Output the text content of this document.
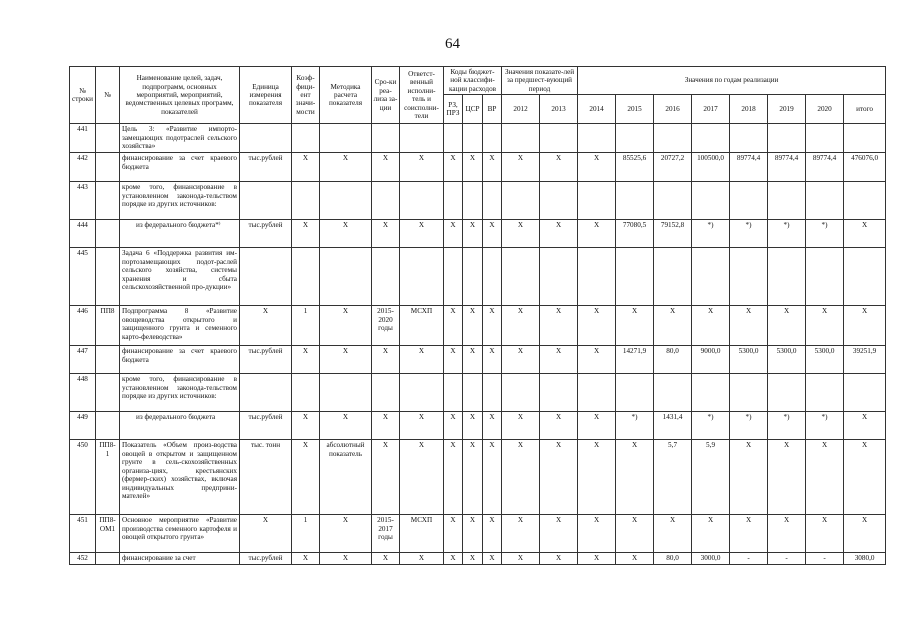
64
№ строки	№	Наименование целей, задач, подпрограмм, основных мероприятий, мероприятий, ведомственных целевых программ, показателей	Единица измерения показателя	Коэф-фици-ент значи-мости	Методика расчета показателя	Сро-ки реа-лиза за-ции	Ответст-венный исполни-тель и соисполни-тели	Коды бюджет-ной классифи-кации расходов			Значения показате-лей за предшест-вующий период		Значения по годам реализации							
								РЗ, ПРЗ	ЦСР	ВР	2012	2013	2014	2015	2016	2017	2018	2019	2020	итого
441		Цель 3: «Развитие импорто-замещающих подотраслей сельского хозяйства»																		
442		финансирование за счет краевого бюджета	тыс.рублей	Х	Х	Х	Х	Х	Х	Х	Х	Х	Х	85525,6	20727,2	100500,0	89774,4	89774,4	89774,4	476076,0
443		кроме того, финансирование в установленном законода-тельством порядке из других источников:																		
444		из федерального бюджета*⁾	тыс.рублей	Х	Х	Х	Х	Х	Х	Х	Х	Х	Х	77080,5	79152,8	*)	*)	*)	*)	Х
445		Задача 6 «Поддержка развития им-портозамещающих подот-раслей сельского хозяйства, системы хранения и сбыта сельскохозяйственной про-дукции»																		
446	ПП8	Подпрограмма 8 «Развитие овощеводства открытого и защищенного грунта и семенного карто-фелеводства»	Х	1	Х	2015-2020 годы	МСХП	Х	Х	Х	Х	Х	Х	Х	Х	Х	Х	Х	Х	Х
447		финансирование за счет краевого бюджета	тыс.рублей	Х	Х	Х	Х	Х	Х	Х	Х	Х	Х	14271,9	80,0	9000,0	5300,0	5300,0	5300,0	39251,9
448		кроме того, финансирование в установленном законода-тельством порядке из других источников:																		
449		из федерального бюджета	тыс.рублей	Х	Х	Х	Х	Х	Х	Х	Х	Х	Х	*)	1431,4	*)	*)	*)	*)	Х
450	ПП8-1	Показатель «Объем произ-водства овощей в открытом и защищенном грунте в сель-скохозяйственных организа-циях, крестьянских (фермер-ских) хозяйствах, включая индивидуальных предприни-мателей»	тыс. тонн	Х	абсолютный показатель	Х	Х	Х	Х	Х	Х	Х	Х	Х	5,7	5,9	Х	Х	Х	Х
451	ПП8-ОМ1	Основное мероприятие «Развитие производства семенного картофеля и овощей открытого грунта»	Х	1	Х	2015-2017 годы	МСХП	Х	Х	Х	Х	Х	Х	Х	Х	Х	Х	Х	Х	Х
452		финансирование за счет	тыс.рублей	Х	Х	Х	Х	Х	Х	Х	Х	Х	Х	Х	80,0	3000,0	-	-	-	3080,0
